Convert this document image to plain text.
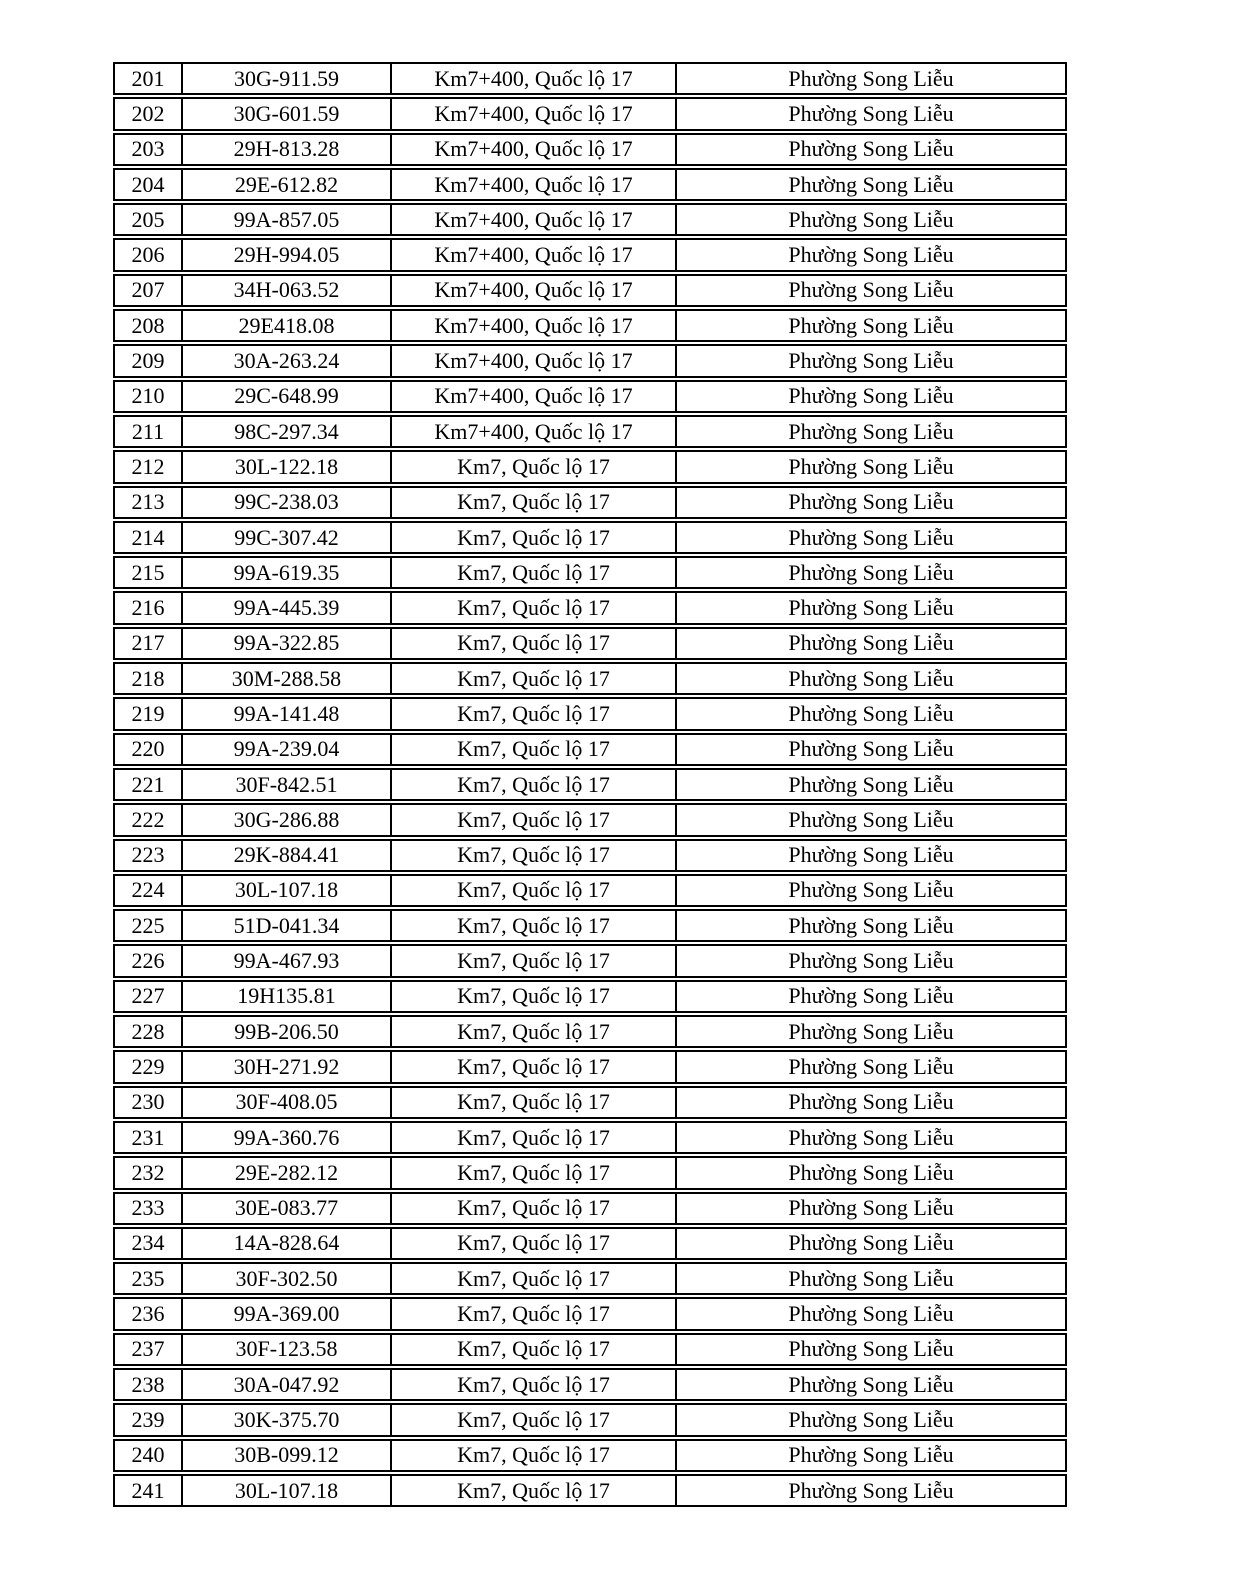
201	30G-911.59	Km7+400, Quốc lộ 17	Phường Song Liễu
202	30G-601.59	Km7+400, Quốc lộ 17	Phường Song Liễu
203	29H-813.28	Km7+400, Quốc lộ 17	Phường Song Liễu
204	29E-612.82	Km7+400, Quốc lộ 17	Phường Song Liễu
205	99A-857.05	Km7+400, Quốc lộ 17	Phường Song Liễu
206	29H-994.05	Km7+400, Quốc lộ 17	Phường Song Liễu
207	34H-063.52	Km7+400, Quốc lộ 17	Phường Song Liễu
208	29E418.08	Km7+400, Quốc lộ 17	Phường Song Liễu
209	30A-263.24	Km7+400, Quốc lộ 17	Phường Song Liễu
210	29C-648.99	Km7+400, Quốc lộ 17	Phường Song Liễu
211	98C-297.34	Km7+400, Quốc lộ 17	Phường Song Liễu
212	30L-122.18	Km7, Quốc lộ 17	Phường Song Liễu
213	99C-238.03	Km7, Quốc lộ 17	Phường Song Liễu
214	99C-307.42	Km7, Quốc lộ 17	Phường Song Liễu
215	99A-619.35	Km7, Quốc lộ 17	Phường Song Liễu
216	99A-445.39	Km7, Quốc lộ 17	Phường Song Liễu
217	99A-322.85	Km7, Quốc lộ 17	Phường Song Liễu
218	30M-288.58	Km7, Quốc lộ 17	Phường Song Liễu
219	99A-141.48	Km7, Quốc lộ 17	Phường Song Liễu
220	99A-239.04	Km7, Quốc lộ 17	Phường Song Liễu
221	30F-842.51	Km7, Quốc lộ 17	Phường Song Liễu
222	30G-286.88	Km7, Quốc lộ 17	Phường Song Liễu
223	29K-884.41	Km7, Quốc lộ 17	Phường Song Liễu
224	30L-107.18	Km7, Quốc lộ 17	Phường Song Liễu
225	51D-041.34	Km7, Quốc lộ 17	Phường Song Liễu
226	99A-467.93	Km7, Quốc lộ 17	Phường Song Liễu
227	19H135.81	Km7, Quốc lộ 17	Phường Song Liễu
228	99B-206.50	Km7, Quốc lộ 17	Phường Song Liễu
229	30H-271.92	Km7, Quốc lộ 17	Phường Song Liễu
230	30F-408.05	Km7, Quốc lộ 17	Phường Song Liễu
231	99A-360.76	Km7, Quốc lộ 17	Phường Song Liễu
232	29E-282.12	Km7, Quốc lộ 17	Phường Song Liễu
233	30E-083.77	Km7, Quốc lộ 17	Phường Song Liễu
234	14A-828.64	Km7, Quốc lộ 17	Phường Song Liễu
235	30F-302.50	Km7, Quốc lộ 17	Phường Song Liễu
236	99A-369.00	Km7, Quốc lộ 17	Phường Song Liễu
237	30F-123.58	Km7, Quốc lộ 17	Phường Song Liễu
238	30A-047.92	Km7, Quốc lộ 17	Phường Song Liễu
239	30K-375.70	Km7, Quốc lộ 17	Phường Song Liễu
240	30B-099.12	Km7, Quốc lộ 17	Phường Song Liễu
241	30L-107.18	Km7, Quốc lộ 17	Phường Song Liễu
